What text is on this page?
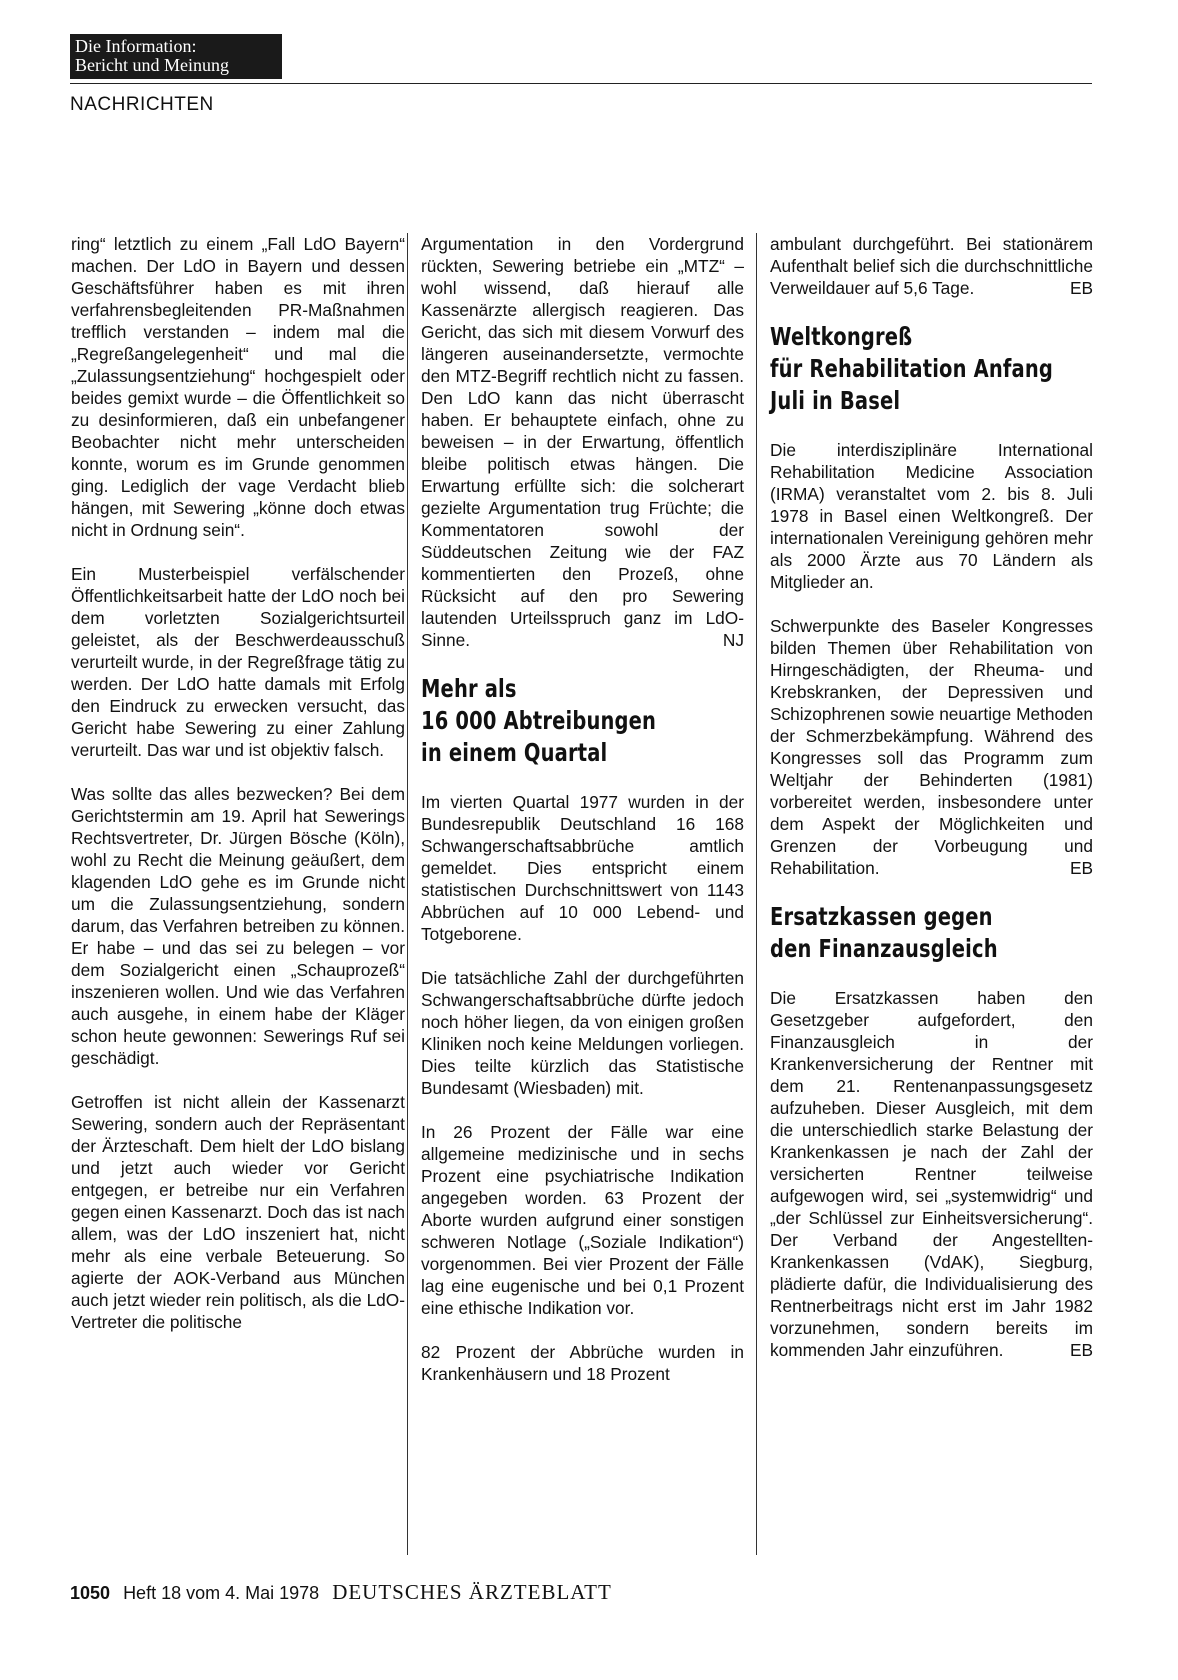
Die Information:
Bericht und Meinung
NACHRICHTEN

ring“ letztlich zu einem „Fall LdO Bayern“ machen. Der LdO in Bayern und dessen Geschäftsführer haben es mit ihren verfahrensbegleitenden PR-Maßnahmen trefflich verstanden – indem mal die „Regreßangelegenheit“ und mal die „Zulassungsentziehung“ hochgespielt oder beides gemixt wurde – die Öffentlichkeit so zu desinformieren, daß ein unbefangener Beobachter nicht mehr unterscheiden konnte, worum es im Grunde genommen ging. Lediglich der vage Verdacht blieb hängen, mit Sewering „könne doch etwas nicht in Ordnung sein“.

Ein Musterbeispiel verfälschender Öffentlichkeitsarbeit hatte der LdO noch bei dem vorletzten Sozialgerichtsurteil geleistet, als der Beschwerdeausschuß verurteilt wurde, in der Regreßfrage tätig zu werden. Der LdO hatte damals mit Erfolg den Eindruck zu erwecken versucht, das Gericht habe Sewering zu einer Zahlung verurteilt. Das war und ist objektiv falsch.

Was sollte das alles bezwecken? Bei dem Gerichtstermin am 19. April hat Sewerings Rechtsvertreter, Dr. Jürgen Bösche (Köln), wohl zu Recht die Meinung geäußert, dem klagenden LdO gehe es im Grunde nicht um die Zulassungsentziehung, sondern darum, das Verfahren betreiben zu können. Er habe – und das sei zu belegen – vor dem Sozialgericht einen „Schauprozeß“ inszenieren wollen. Und wie das Verfahren auch ausgehe, in einem habe der Kläger schon heute gewonnen: Sewerings Ruf sei geschädigt.

Getroffen ist nicht allein der Kassenarzt Sewering, sondern auch der Repräsentant der Ärzteschaft. Dem hielt der LdO bislang und jetzt auch wieder vor Gericht entgegen, er betreibe nur ein Verfahren gegen einen Kassenarzt. Doch das ist nach allem, was der LdO inszeniert hat, nicht mehr als eine verbale Beteuerung. So agierte der AOK-Verband aus München auch jetzt wieder rein politisch, als die LdO-Vertreter die politische

Argumentation in den Vordergrund rückten, Sewering betriebe ein „MTZ“ – wohl wissend, daß hierauf alle Kassenärzte allergisch reagieren. Das Gericht, das sich mit diesem Vorwurf des längeren auseinandersetzte, vermochte den MTZ-Begriff rechtlich nicht zu fassen. Den LdO kann das nicht überrascht haben. Er behauptete einfach, ohne zu beweisen – in der Erwartung, öffentlich bleibe politisch etwas hängen. Die Erwartung erfüllte sich: die solcherart gezielte Argumentation trug Früchte; die Kommentatoren sowohl der Süddeutschen Zeitung wie der FAZ kommentierten den Prozeß, ohne Rücksicht auf den pro Sewering lautenden Urteilsspruch ganz im LdO-Sinne.	NJ

Mehr als
16 000 Abtreibungen
in einem Quartal

Im vierten Quartal 1977 wurden in der Bundesrepublik Deutschland 16 168 Schwangerschaftsabbrüche amtlich gemeldet. Dies entspricht einem statistischen Durchschnittswert von 1143 Abbrüchen auf 10 000 Lebend- und Totgeborene.

Die tatsächliche Zahl der durchgeführten Schwangerschaftsabbrüche dürfte jedoch noch höher liegen, da von einigen großen Kliniken noch keine Meldungen vorliegen. Dies teilte kürzlich das Statistische Bundesamt (Wiesbaden) mit.

In 26 Prozent der Fälle war eine allgemeine medizinische und in sechs Prozent eine psychiatrische Indikation angegeben worden. 63 Prozent der Aborte wurden aufgrund einer sonstigen schweren Notlage („Soziale Indikation“) vorgenommen. Bei vier Prozent der Fälle lag eine eugenische und bei 0,1 Prozent eine ethische Indikation vor.

82 Prozent der Abbrüche wurden in Krankenhäusern und 18 Prozent

ambulant durchgeführt. Bei stationärem Aufenthalt belief sich die durchschnittliche Verweildauer auf 5,6 Tage.	EB

Weltkongreß
für Rehabilitation Anfang
Juli in Basel

Die interdisziplinäre International Rehabilitation Medicine Association (IRMA) veranstaltet vom 2. bis 8. Juli 1978 in Basel einen Weltkongreß. Der internationalen Vereinigung gehören mehr als 2000 Ärzte aus 70 Ländern als Mitglieder an.

Schwerpunkte des Baseler Kongresses bilden Themen über Rehabilitation von Hirngeschädigten, der Rheuma- und Krebskranken, der Depressiven und Schizophrenen sowie neuartige Methoden der Schmerzbekämpfung. Während des Kongresses soll das Programm zum Weltjahr der Behinderten (1981) vorbereitet werden, insbesondere unter dem Aspekt der Möglichkeiten und Grenzen der Vorbeugung und Rehabilitation.	EB

Ersatzkassen gegen
den Finanzausgleich

Die Ersatzkassen haben den Gesetzgeber aufgefordert, den Finanzausgleich in der Krankenversicherung der Rentner mit dem 21. Rentenanpassungsgesetz aufzuheben. Dieser Ausgleich, mit dem die unterschiedlich starke Belastung der Krankenkassen je nach der Zahl der versicherten Rentner teilweise aufgewogen wird, sei „systemwidrig“ und „der Schlüssel zur Einheitsversicherung“. Der Verband der Angestellten-Krankenkassen (VdAK), Siegburg, plädierte dafür, die Individualisierung des Rentnerbeitrags nicht erst im Jahr 1982 vorzunehmen, sondern bereits im kommenden Jahr einzuführen.	EB

1050 Heft 18 vom 4. Mai 1978 DEUTSCHES ÄRZTEBLATT
